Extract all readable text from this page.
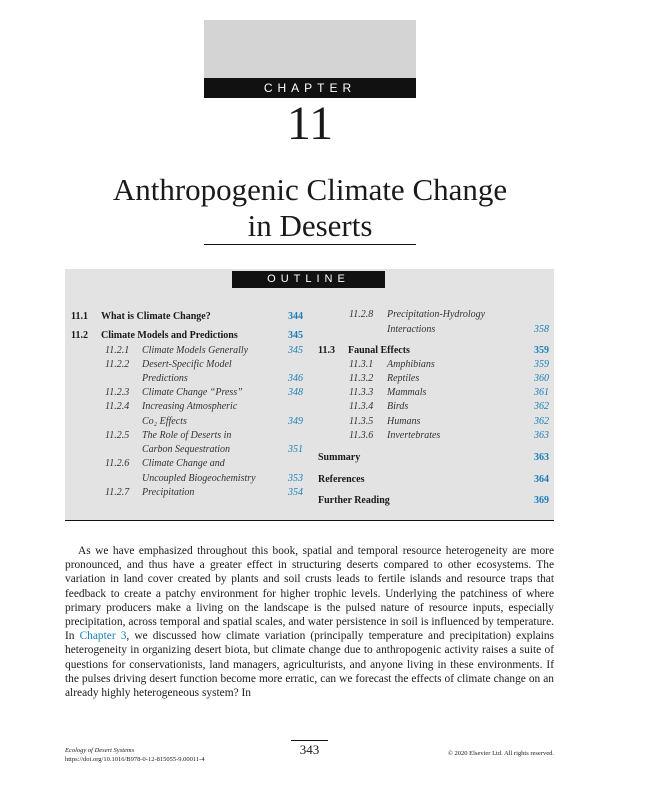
CHAPTER
11
Anthropogenic Climate Change
in Deserts
OUTLINE
11.1 What is Climate Change?	344
11.2 Climate Models and Predictions	345
11.2.1 Climate Models Generally	345
11.2.2 Desert-Specific Model
Predictions	346
11.2.3 Climate Change “Press”	348
11.2.4 Increasing Atmospheric
Co₂ Effects	349
11.2.5 The Role of Deserts in
Carbon Sequestration	351
11.2.6 Climate Change and
Uncoupled Biogeochemistry	353
11.2.7 Precipitation	354
11.2.8 Precipitation-Hydrology
Interactions	358
11.3 Faunal Effects	359
11.3.1 Amphibians	359
11.3.2 Reptiles	360
11.3.3 Mammals	361
11.3.4 Birds	362
11.3.5 Humans	362
11.3.6 Invertebrates	363
Summary	363
References	364
Further Reading	369
As we have emphasized throughout this book, spatial and temporal resource heterogeneity are more pronounced, and thus have a greater effect in structuring deserts compared to other ecosystems. The variation in land cover created by plants and soil crusts leads to fertile islands and resource traps that feedback to create a patchy environment for higher trophic levels. Underlying the patchiness of where primary producers make a living on the landscape is the pulsed nature of resource inputs, especially precipitation, across temporal and spatial scales, and water persistence in soil is influenced by temperature. In Chapter 3, we discussed how climate variation (principally temperature and precipitation) explains heterogeneity in organizing desert biota, but climate change due to anthropogenic activity raises a suite of questions for conservationists, land managers, agriculturists, and anyone living in these environments. If the pulses driving desert function become more erratic, can we forecast the effects of climate change on an already highly heterogeneous system? In
Ecology of Desert Systems
https://doi.org/10.1016/B978-0-12-815055-9.00011-4
343	© 2020 Elsevier Ltd. All rights reserved.
